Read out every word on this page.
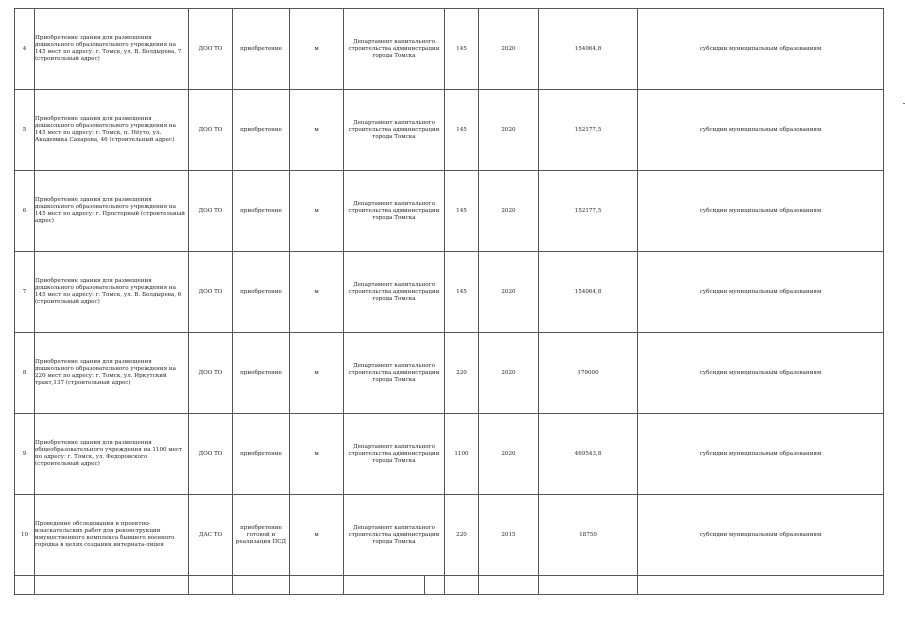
4	Приобретение здания для размещения дошкольного образовательного учреждения на 145 мест по адресу: г. Томск, ул. В. Болдырева, 7 (строительный адрес)	ДОО ТО	приобретение	м	Департамент капитального строительства администрации города Томска	145	2020	154064,8	субсидии муниципальным образованиям	

5	Приобретение здания для размещения дошкольного образовательного учреждения на 145 мест по адресу: г. Томск, п. Нёуто, ул. Академика Сахарова, 46 (строительный адрес)	ДОО ТО	приобретение	м	Департамент капитального строительства администрации города Томска	145	2020	152177,5	субсидии муниципальным образованиям	

6	Приобретение здания для размещения дошкольного образовательного учреждения на 145 мест по адресу: г. Просторный (строительный адрес)	ДОО ТО	приобретение	м	Департамент капитального строительства администрации города Томска	145	2020	152177,5	субсидии муниципальным образованиям	

7	Приобретение здания для размещения дошкольного образовательного учреждения на 145 мест по адресу: г. Томск, ул. В. Болдырева, 6 (строительный адрес)	ДОО ТО	приобретение	м	Департамент капитального строительства администрации города Томска	145	2020	154064,8	субсидии муниципальным образованиям	

8	Приобретение здания для размещения дошкольного образовательного учреждения на 220 мест по адресу: г. Томск, ул. Иркутский тракт,137 (строительный адрес)	ДОО ТО	приобретение	м	Департамент капитального строительства администрации города Томска	220	2020	179000	субсидии муниципальным образованиям	

9	Приобретение здания для размещения общеобразовательного учреждения на 1100 мест по адресу: г. Томск, ул. Федоровского (строительный адрес)	ДОО ТО	приобретение	м	Департамент капитального строительства администрации города Томска	1100	2020	469543,8	субсидии муниципальным образованиям	

10	Проведение обследования и проектно-изыскательских работ для реконструкции имущественного комплекса бывшего военного городка в целях создания интерната-лицея	ДАС ТО	приобретение готовой и реализация ПСД	м	Департамент капитального строительства администрации города Томска	220	2015	18750	субсидии муниципальным образованиям	
